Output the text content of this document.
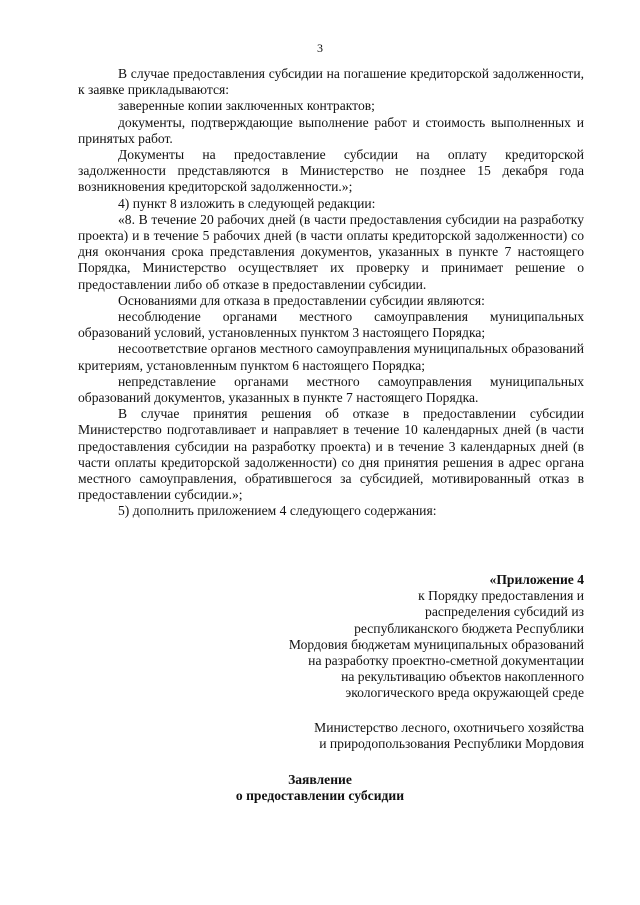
3

В случае предоставления субсидии на погашение кредиторской задолженности, к заявке прикладываются:

заверенные копии заключенных контрактов;

документы, подтверждающие выполнение работ и стоимость выполненных и принятых работ.

Документы на предоставление субсидии на оплату кредиторской задолженности представляются в Министерство не позднее 15 декабря года возникновения кредиторской задолженности.»;

4) пункт 8 изложить в следующей редакции:

«8. В течение 20 рабочих дней (в части предоставления субсидии на разработку проекта) и в течение 5 рабочих дней (в части оплаты кредиторской задолженности) со дня окончания срока представления документов, указанных в пункте 7 настоящего Порядка, Министерство осуществляет их проверку и принимает решение о предоставлении либо об отказе в предоставлении субсидии.

Основаниями для отказа в предоставлении субсидии являются:

несоблюдение органами местного самоуправления муниципальных образований условий, установленных пунктом 3 настоящего Порядка;

несоответствие органов местного самоуправления муниципальных образований критериям, установленным пунктом 6 настоящего Порядка;

непредставление органами местного самоуправления муниципальных образований документов, указанных в пункте 7 настоящего Порядка.

В случае принятия решения об отказе в предоставлении субсидии Министерство подготавливает и направляет в течение 10 календарных дней (в части предоставления субсидии на разработку проекта) и в течение 3 календарных дней (в части оплаты кредиторской задолженности) со дня принятия решения в адрес органа местного самоуправления, обратившегося за субсидией, мотивированный отказ в предоставлении субсидии.»;

5) дополнить приложением 4 следующего содержания:

«Приложение 4
к Порядку предоставления и
распределения субсидий из
республиканского бюджета Республики
Мордовия бюджетам муниципальных образований
на разработку проектно-сметной документации
на рекультивацию объектов накопленного
экологического вреда окружающей среде
Министерство лесного, охотничьего хозяйства
и природопользования Республики Мордовия
Заявление
о предоставлении субсидии
